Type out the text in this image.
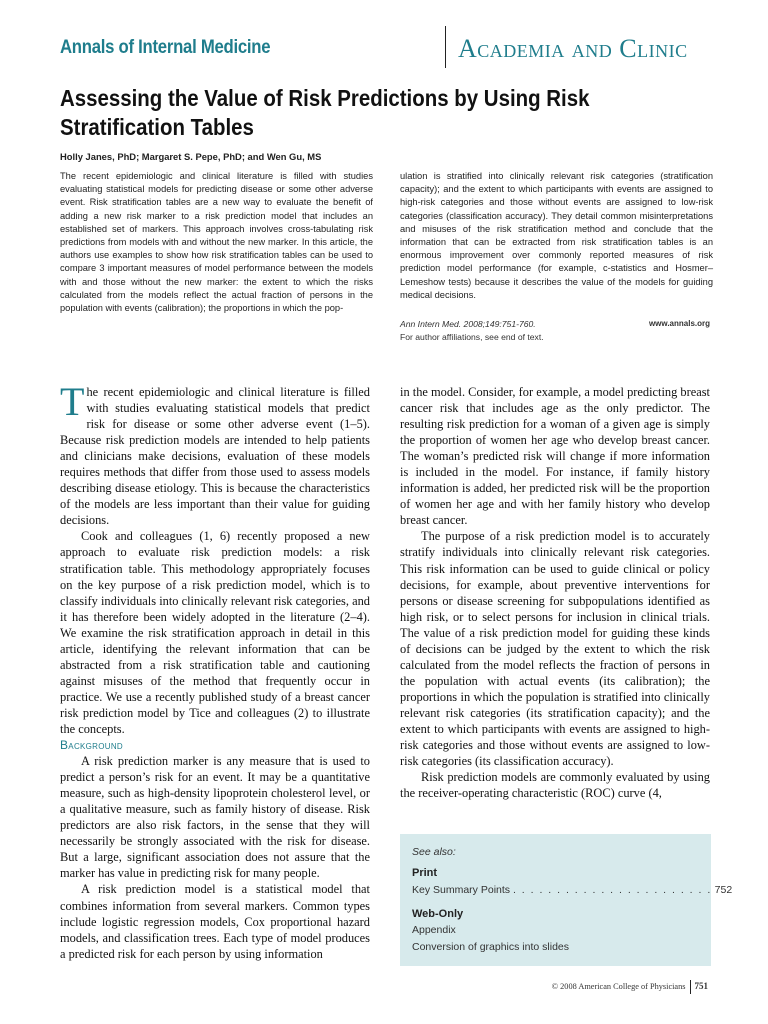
Annals of Internal Medicine	Academia and Clinic
Assessing the Value of Risk Predictions by Using Risk Stratification Tables
Holly Janes, PhD; Margaret S. Pepe, PhD; and Wen Gu, MS
The recent epidemiologic and clinical literature is filled with studies evaluating statistical models for predicting disease or some other adverse event. Risk stratification tables are a new way to evaluate the benefit of adding a new risk marker to a risk prediction model that includes an established set of markers. This approach involves cross-tabulating risk predictions from models with and without the new marker. In this article, the authors use examples to show how risk stratification tables can be used to compare 3 important measures of model performance between the models with and those without the new marker: the extent to which the risks calculated from the models reflect the actual fraction of persons in the population with events (calibration); the proportions in which the pop-
ulation is stratified into clinically relevant risk categories (stratification capacity); and the extent to which participants with events are assigned to high-risk categories and those without events are assigned to low-risk categories (classification accuracy). They detail common misinterpretations and misuses of the risk stratification method and conclude that the information that can be extracted from risk stratification tables is an enormous improvement over commonly reported measures of risk prediction model performance (for example, c-statistics and Hosmer–Lemeshow tests) because it describes the value of the models for guiding medical decisions.
Ann Intern Med. 2008;149:751-760.	www.annals.org
For author affiliations, see end of text.

The recent epidemiologic and clinical literature is filled with studies evaluating statistical models that predict risk for disease or some other adverse event (1–5). Because risk prediction models are intended to help patients and clinicians make decisions, evaluation of these models requires methods that differ from those used to assess models describing disease etiology. This is because the characteristics of the models are less important than their value for guiding decisions.

Cook and colleagues (1, 6) recently proposed a new approach to evaluate risk prediction models: a risk stratification table. This methodology appropriately focuses on the key purpose of a risk prediction model, which is to classify individuals into clinically relevant risk categories, and it has therefore been widely adopted in the literature (2–4). We examine the risk stratification approach in detail in this article, identifying the relevant information that can be abstracted from a risk stratification table and cautioning against misuses of the method that frequently occur in practice. We use a recently published study of a breast cancer risk prediction model by Tice and colleagues (2) to illustrate the concepts.

Background

A risk prediction marker is any measure that is used to predict a person’s risk for an event. It may be a quantitative measure, such as high-density lipoprotein cholesterol level, or a qualitative measure, such as family history of disease. Risk predictors are also risk factors, in the sense that they will necessarily be strongly associated with the risk for disease. But a large, significant association does not assure that the marker has value in predicting risk for many people.

A risk prediction model is a statistical model that combines information from several markers. Common types include logistic regression models, Cox proportional hazard models, and classification trees. Each type of model produces a predicted risk for each person by using information

in the model. Consider, for example, a model predicting breast cancer risk that includes age as the only predictor. The resulting risk prediction for a woman of a given age is simply the proportion of women her age who develop breast cancer. The woman’s predicted risk will change if more information is included in the model. For instance, if family history information is added, her predicted risk will be the proportion of women her age and with her family history who develop breast cancer.

The purpose of a risk prediction model is to accurately stratify individuals into clinically relevant risk categories. This risk information can be used to guide clinical or policy decisions, for example, about preventive interventions for persons or disease screening for subpopulations identified as high risk, or to select persons for inclusion in clinical trials. The value of a risk prediction model for guiding these kinds of decisions can be judged by the extent to which the risk calculated from the model reflects the fraction of persons in the population with actual events (its calibration); the proportions in which the population is stratified into clinically relevant risk categories (its stratification capacity); and the extent to which participants with events are assigned to high-risk categories and those without events are assigned to low-risk categories (its classification accuracy).

Risk prediction models are commonly evaluated by using the receiver-operating characteristic (ROC) curve (4,

See also:
Print
Key Summary Points . . . . . . . . . . . . . . . . . . . . . . . 752
Web-Only
Appendix
Conversion of graphics into slides
© 2008 American College of Physicians 751
